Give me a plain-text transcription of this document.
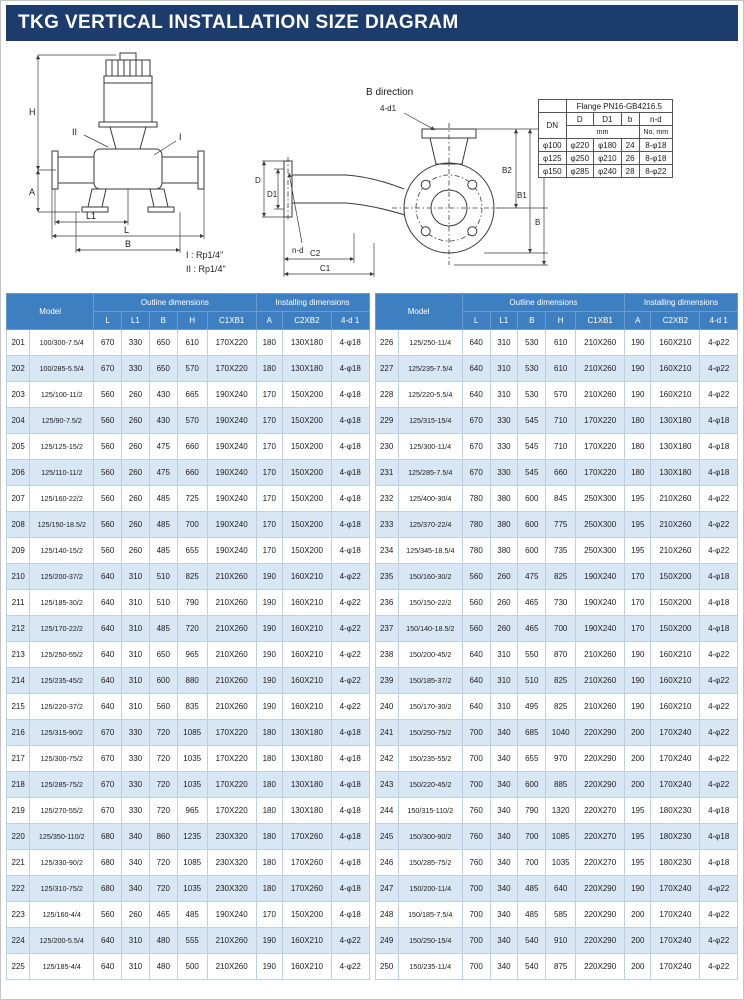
TKG VERTICAL INSTALLATION SIZE DIAGRAM
H
A
I
II
L1
L
B
B direction
4-d1
n-d
D
D1
B2
B1
B
C2
C1
	Flange PN16-GB4216.5			
DN	D	D1	b	n-d
	mm			No. mm
φ100	φ220	φ180	24	8-φ18
φ125	φ250	φ210	26	8-φ18
φ150	φ285	φ240	28	8-φ22
I : Rp1/4"
II : Rp1/4"
Model		Outline dimensions					Installing dimensions		
		L	L1	B	H	C1XB1	A	C2XB2	4-d 1
201	100/300-7.5/4	670	330	650	610	170X220	180	130X180	4-φ18
202	100/285-5.5/4	670	330	650	570	170X220	180	130X180	4-φ18
203	125/100-11/2	560	260	430	665	190X240	170	150X200	4-φ18
204	125/90-7.5/2	560	260	430	570	190X240	170	150X200	4-φ18
205	125/125-15/2	560	260	475	660	190X240	170	150X200	4-φ18
206	125/110-11/2	560	260	475	660	190X240	170	150X200	4-φ18
207	125/160-22/2	560	260	485	725	190X240	170	150X200	4-φ18
208	125/150-18.5/2	560	260	485	700	190X240	170	150X200	4-φ18
209	125/140-15/2	560	260	485	655	190X240	170	150X200	4-φ18
210	125/200-37/2	640	310	510	825	210X260	190	160X210	4-φ22
211	125/185-30/2	640	310	510	790	210X260	190	160X210	4-φ22
212	125/170-22/2	640	310	485	720	210X260	190	160X210	4-φ22
213	125/250-55/2	640	310	650	965	210X260	190	160X210	4-φ22
214	125/235-45/2	640	310	600	880	210X260	190	160X210	4-φ22
215	125/220-37/2	640	310	560	835	210X260	190	160X210	4-φ22
216	125/315-90/2	670	330	720	1085	170X220	180	130X180	4-φ18
217	125/300-75/2	670	330	720	1035	170X220	180	130X180	4-φ18
218	125/285-75/2	670	330	720	1035	170X220	180	130X180	4-φ18
219	125/270-55/2	670	330	720	965	170X220	180	130X180	4-φ18
220	125/350-110/2	680	340	860	1235	230X320	180	170X260	4-φ18
221	125/330-90/2	680	340	720	1085	230X320	180	170X260	4-φ18
222	125/310-75/2	680	340	720	1035	230X320	180	170X260	4-φ18
223	125/160-4/4	560	260	465	485	190X240	170	150X200	4-φ18
224	125/200-5.5/4	640	310	480	555	210X260	190	160X210	4-φ22
225	125/185-4/4	640	310	480	500	210X260	190	160X210	4-φ22
Model		Outline dimensions					Installing dimensions		
		L	L1	B	H	C1XB1	A	C2XB2	4-d 1
226	125/250-11/4	640	310	530	610	210X260	190	160X210	4-φ22
227	125/235-7.5/4	640	310	530	610	210X260	190	160X210	4-φ22
228	125/220-5.5/4	640	310	530	570	210X260	190	160X210	4-φ22
229	125/315-15/4	670	330	545	710	170X220	180	130X180	4-φ18
230	125/300-11/4	670	330	545	710	170X220	180	130X180	4-φ18
231	125/285-7.5/4	670	330	545	660	170X220	180	130X180	4-φ18
232	125/400-30/4	780	380	600	845	250X300	195	210X260	4-φ22
233	125/370-22/4	780	380	600	775	250X300	195	210X260	4-φ22
234	125/345-18.5/4	780	380	600	735	250X300	195	210X260	4-φ22
235	150/160-30/2	560	260	475	825	190X240	170	150X200	4-φ18
236	150/150-22/2	560	260	465	730	190X240	170	150X200	4-φ18
237	150/140-18.5/2	560	260	465	700	190X240	170	150X200	4-φ18
238	150/200-45/2	640	310	550	870	210X260	190	160X210	4-φ22
239	150/185-37/2	640	310	510	825	210X260	190	160X210	4-φ22
240	150/170-30/2	640	310	495	825	210X260	190	160X210	4-φ22
241	150/250-75/2	700	340	685	1040	220X290	200	170X240	4-φ22
242	150/235-55/2	700	340	655	970	220X290	200	170X240	4-φ22
243	150/220-45/2	700	340	600	885	220X290	200	170X240	4-φ22
244	150/315-110/2	760	340	790	1320	220X270	195	180X230	4-φ18
245	150/300-90/2	760	340	700	1085	220X270	195	180X230	4-φ18
246	150/285-75/2	760	340	700	1035	220X270	195	180X230	4-φ18
247	150/200-11/4	700	340	485	640	220X290	190	170X240	4-φ22
248	150/185-7.5/4	700	340	485	585	220X290	200	170X240	4-φ22
249	150/250-15/4	700	340	540	910	220X290	200	170X240	4-φ22
250	150/235-11/4	700	340	540	875	220X290	200	170X240	4-φ22
